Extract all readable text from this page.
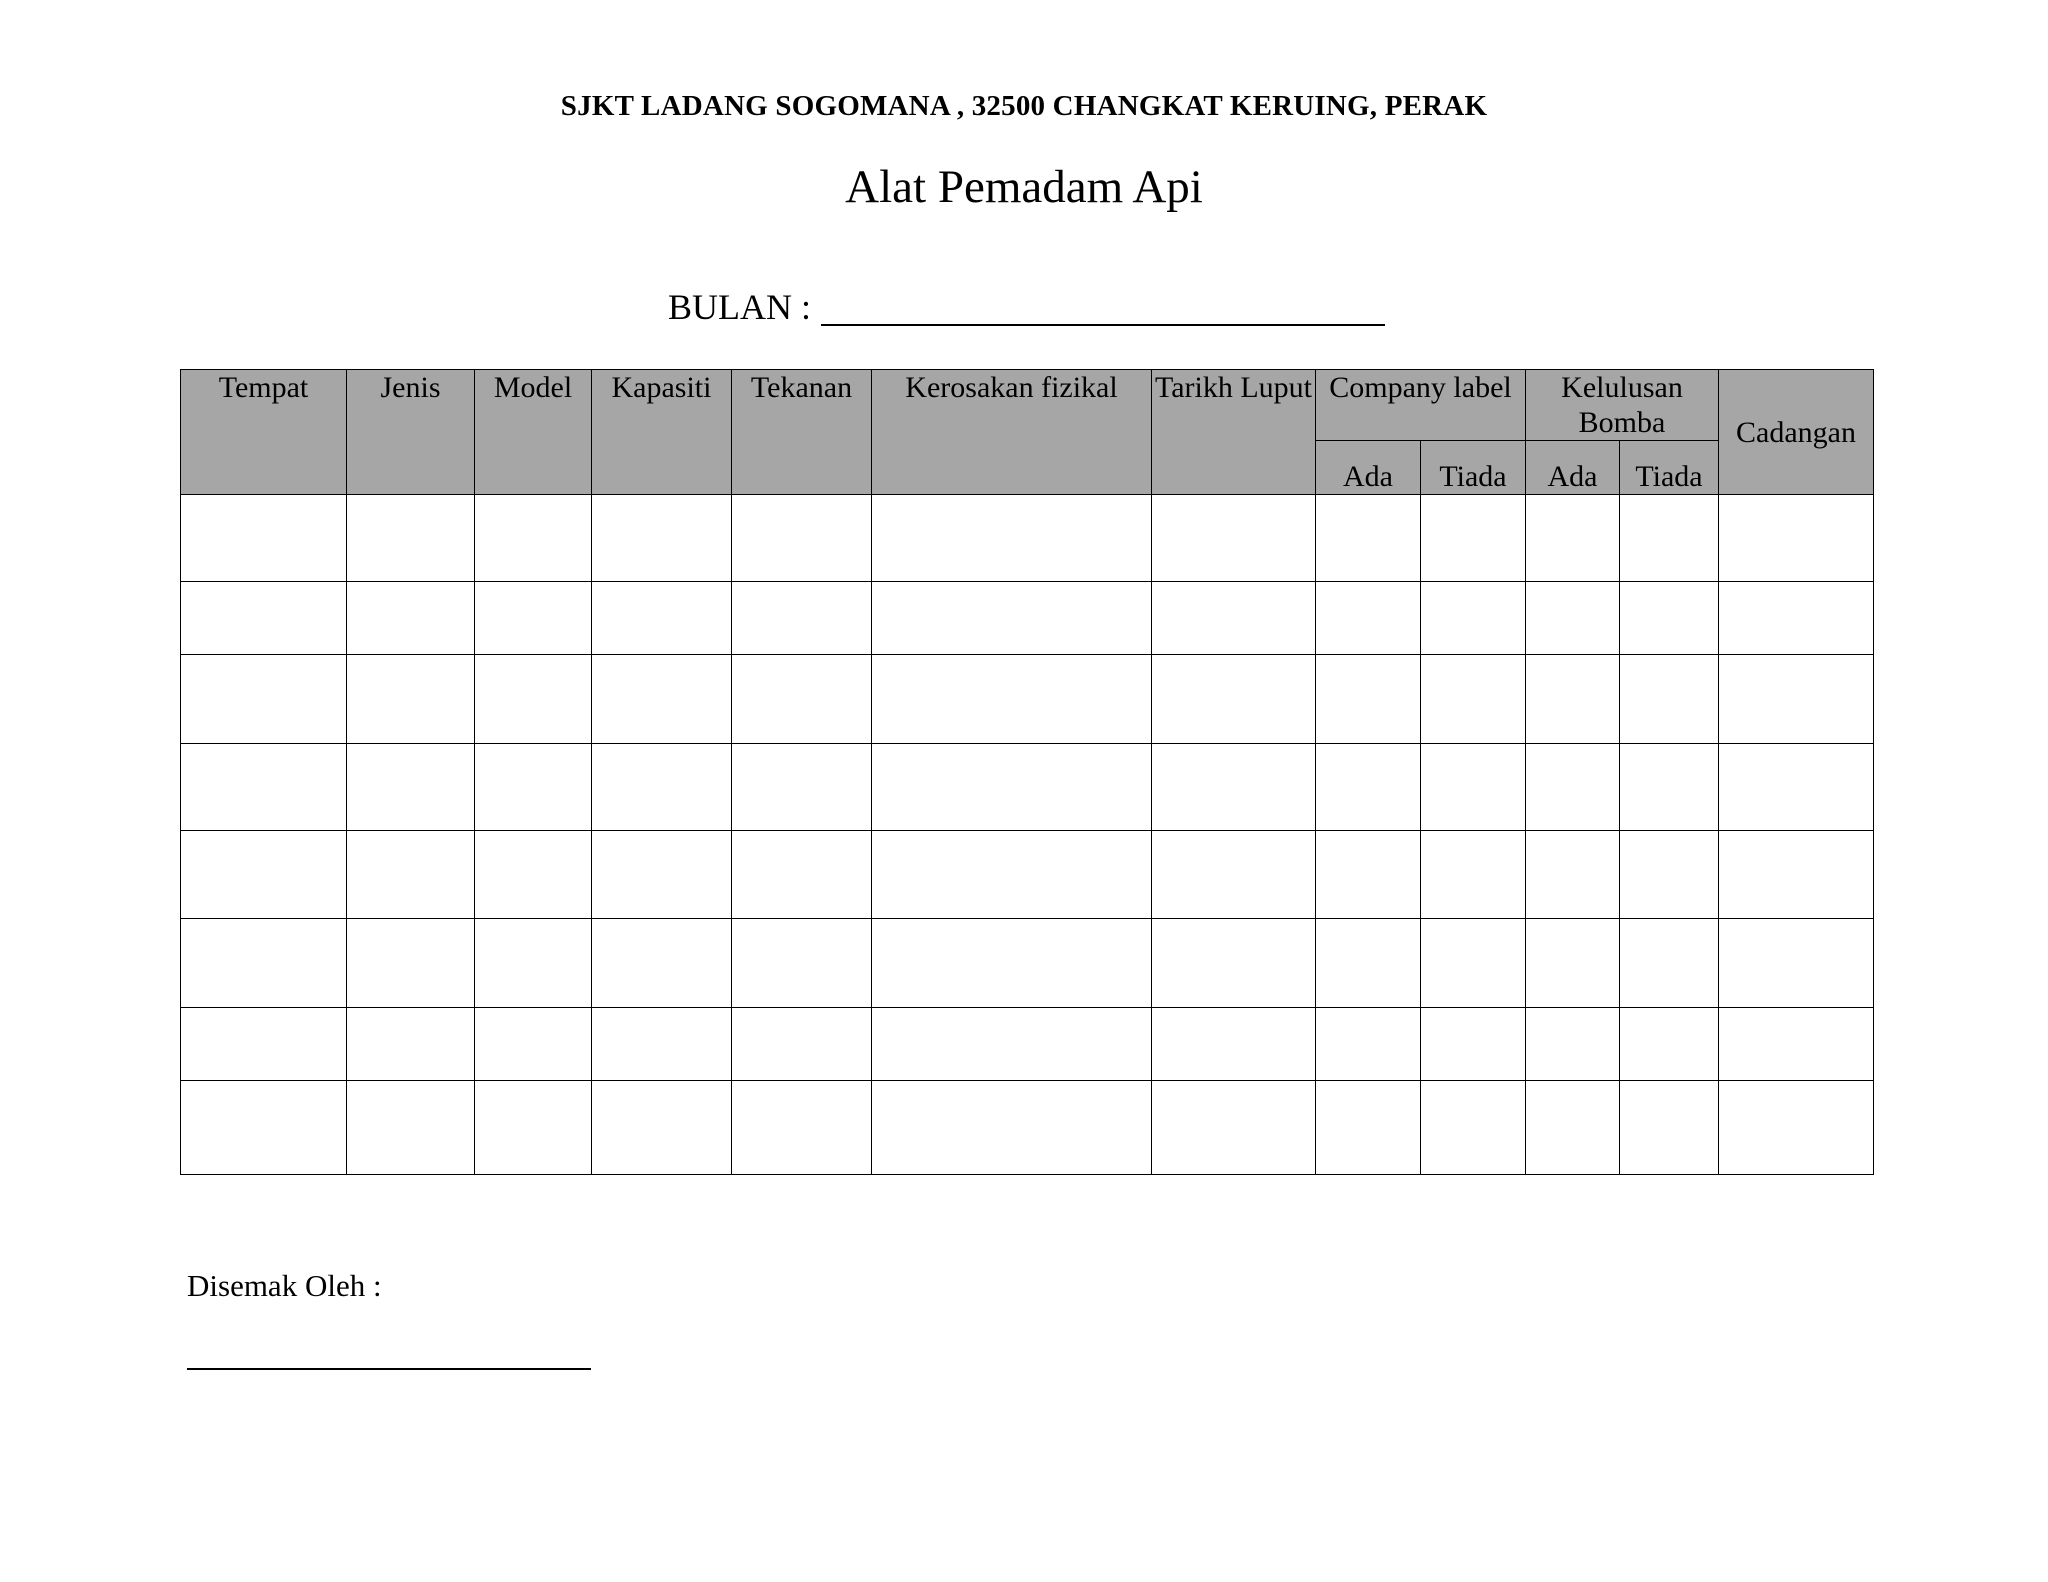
SJKT LADANG SOGOMANA , 32500 CHANGKAT KERUING, PERAK
Alat Pemadam Api
BULAN :
Tempat	Jenis	Model	Kapasiti	Tekanan	Kerosakan fizikal	Tarikh Luput	Company label		Kelulusan Bomba		Cadangan

							Ada	Tiada	Ada	Tiada	

Disemak Oleh :
